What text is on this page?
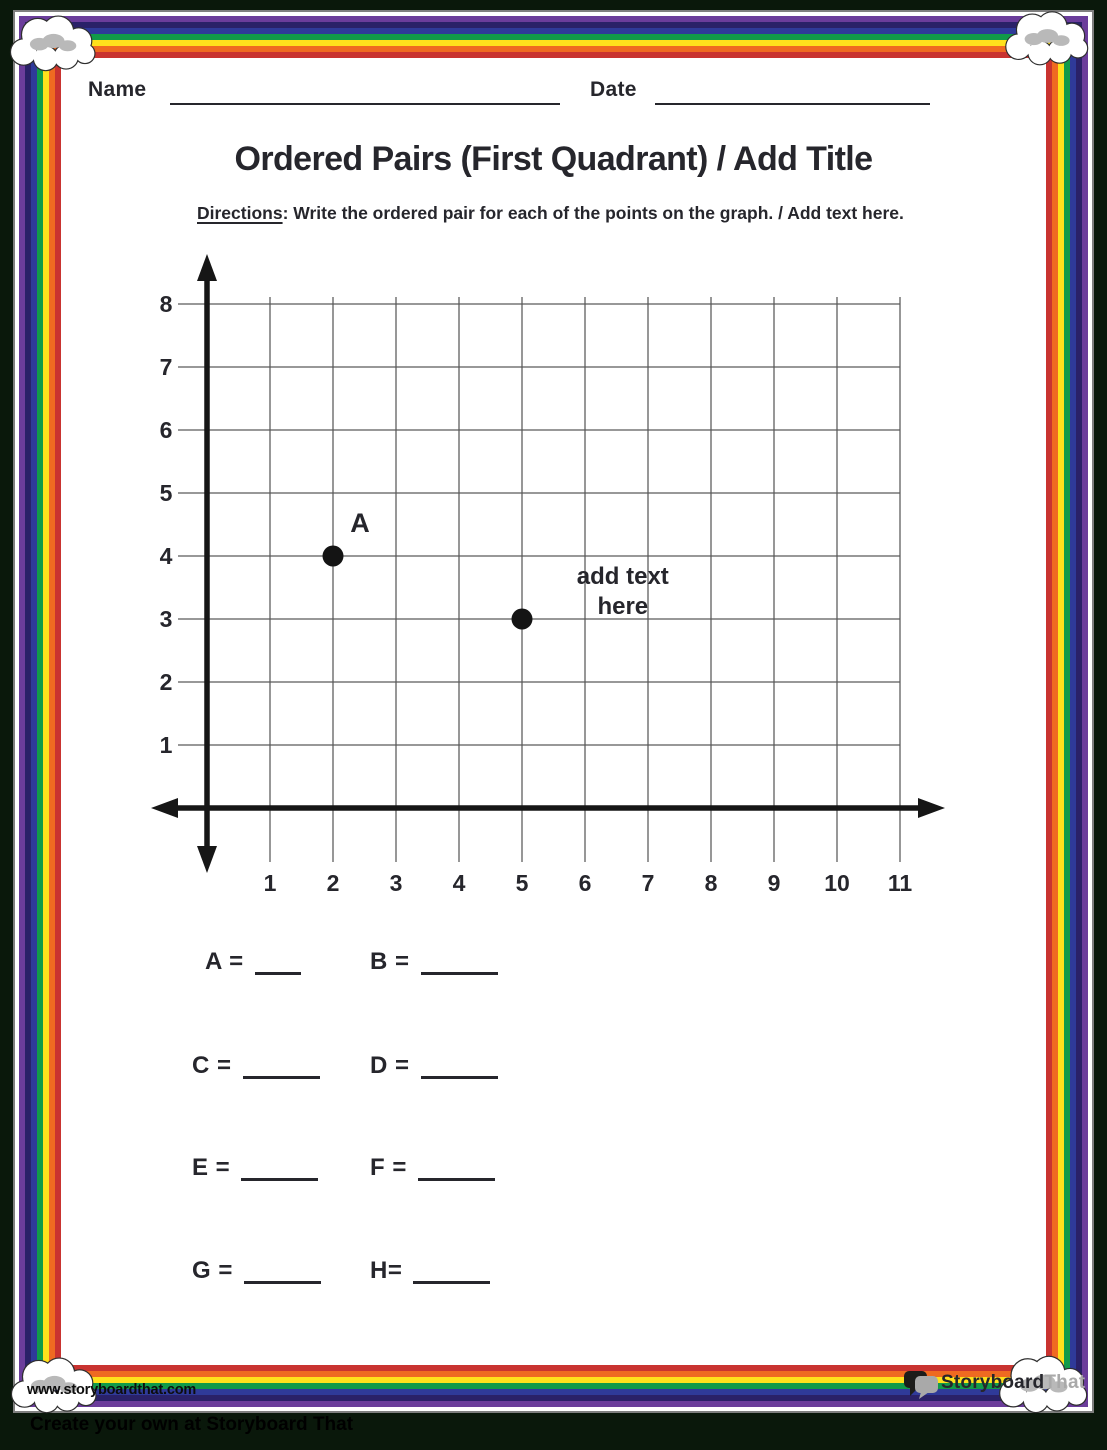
Name	Date
Ordered Pairs (First Quadrant) / Add Title
Directions: Write the ordered pair for each of the points on the graph. / Add text here.
1 2 3 4 5 6 7 8 9 10 11
1
2
3
4
5
6
7
8
A
add text
here
A =	B =
C =	D =
E =	F =
G =	H=
www.storyboardthat.com	StoryboardThat
Create your own at Storyboard That
